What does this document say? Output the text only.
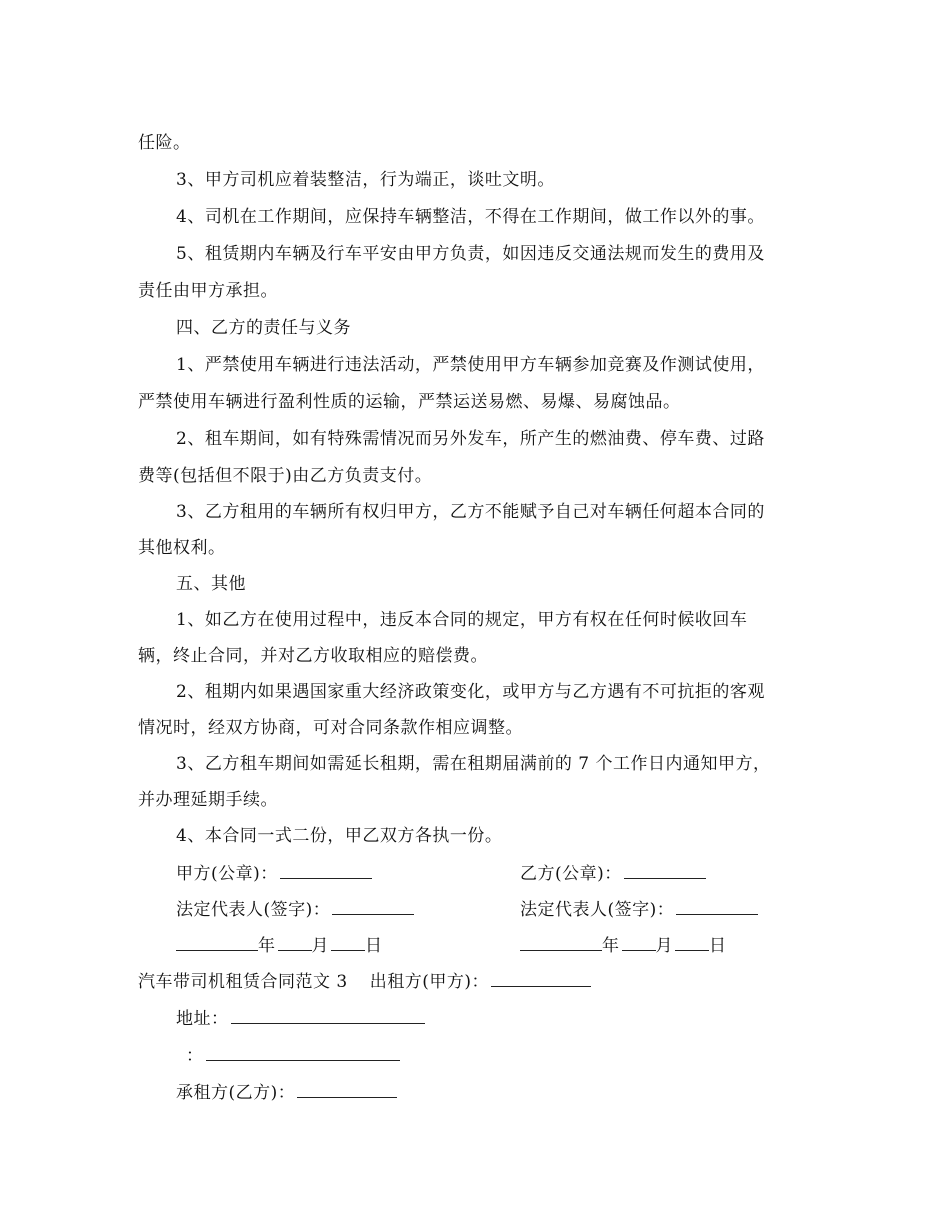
任险。
3、甲方司机应着装整洁，行为端正，谈吐文明。
4、司机在工作期间，应保持车辆整洁，不得在工作期间，做工作以外的事。
5、租赁期内车辆及行车平安由甲方负责，如因违反交通法规而发生的费用及
责任由甲方承担。
四、乙方的责任与义务
1、严禁使用车辆进行违法活动，严禁使用甲方车辆参加竞赛及作测试使用，
严禁使用车辆进行盈利性质的运输，严禁运送易燃、易爆、易腐蚀品。
2、租车期间，如有特殊需情况而另外发车，所产生的燃油费、停车费、过路
费等(包括但不限于)由乙方负责支付。
3、乙方租用的车辆所有权归甲方，乙方不能赋予自己对车辆任何超本合同的
其他权利。
五、其他
1、如乙方在使用过程中，违反本合同的规定，甲方有权在任何时候收回车
辆，终止合同，并对乙方收取相应的赔偿费。
2、租期内如果遇国家重大经济政策变化，或甲方与乙方遇有不可抗拒的客观
情况时，经双方协商，可对合同条款作相应调整。
3、乙方租车期间如需延长租期，需在租期届满前的 7 个工作日内通知甲方，
并办理延期手续。
4、本合同一式二份，甲乙双方各执一份。
甲方(公章)：	乙方(公章)：
法定代表人(签字)：	法定代表人(签字)：
年 月 日	年 月 日
汽车带司机租赁合同范文 3 出租方(甲方)：
地址：
：
承租方(乙方)：
